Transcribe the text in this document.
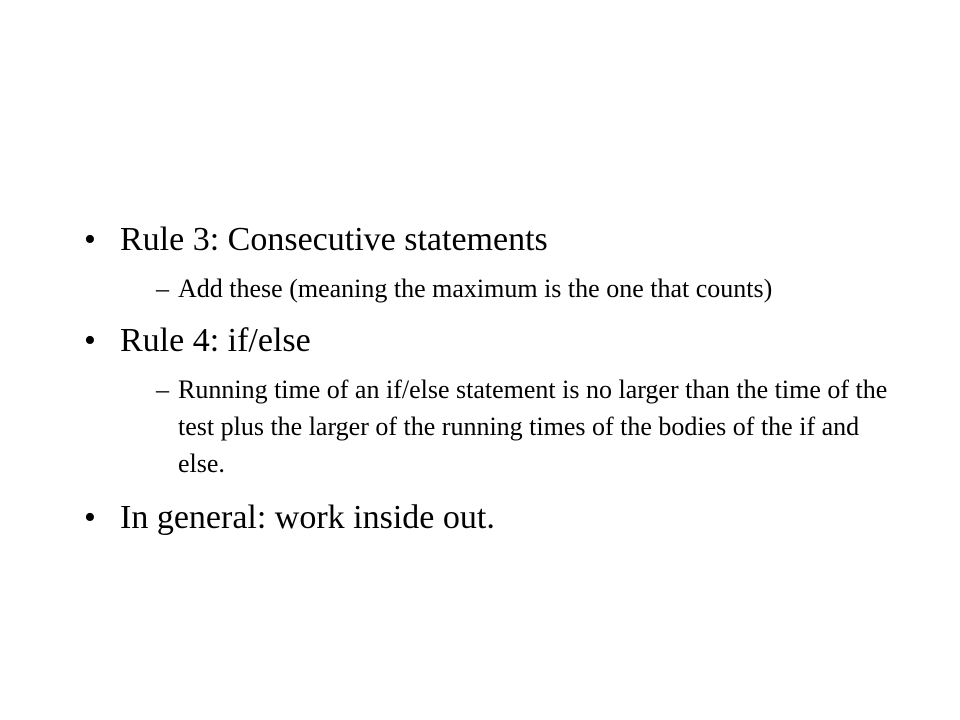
• Rule 3: Consecutive statements
– Add these (meaning the maximum is the one that counts)
• Rule 4: if/else
– Running time of an if/else statement is no larger than the time of the test plus the larger of the running times of the bodies of the if and else.
• In general: work inside out.
